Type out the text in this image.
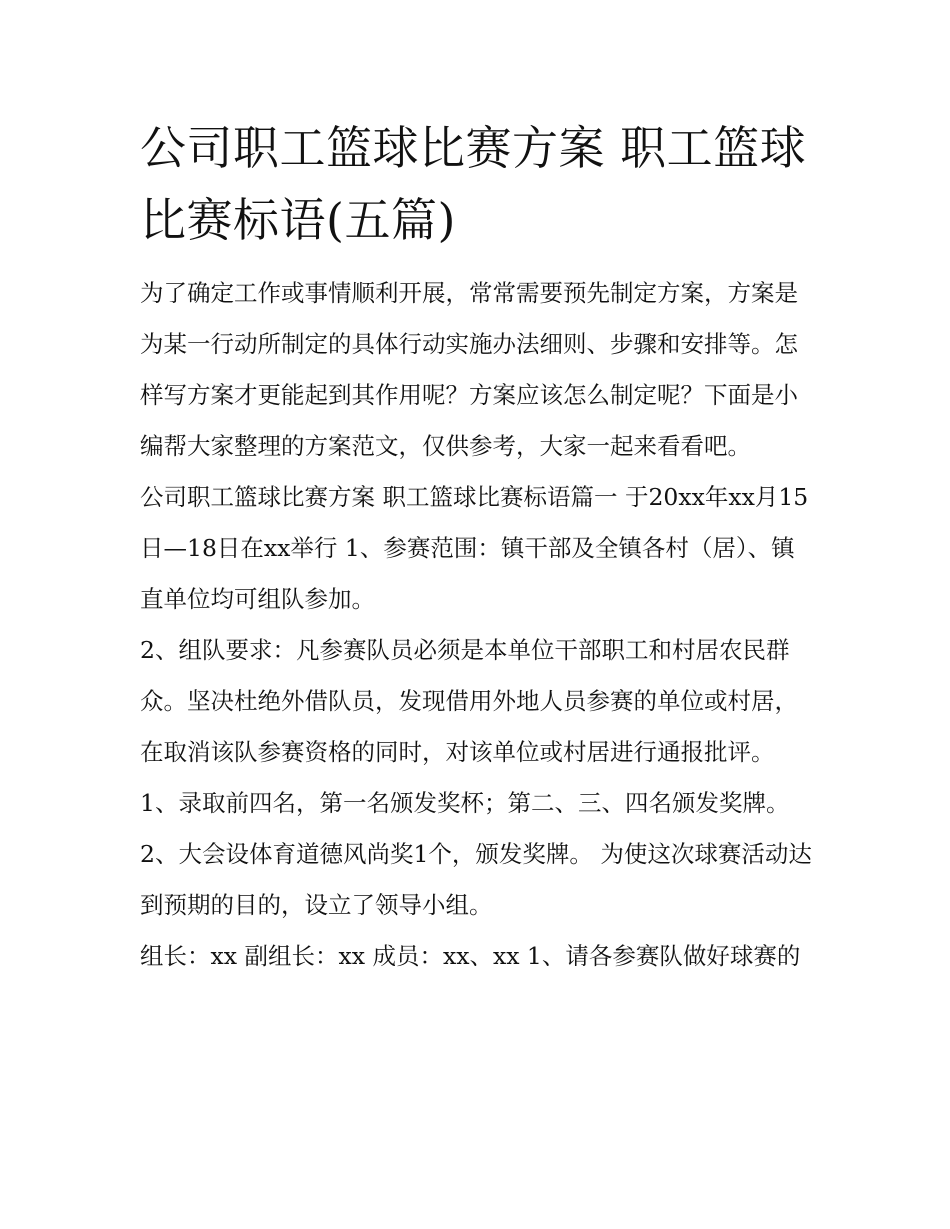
公司职工篮球比赛方案 职工篮球比赛标语(五篇)

为了确定工作或事情顺利开展，常常需要预先制定方案，方案是为某一行动所制定的具体行动实施办法细则、步骤和安排等。怎样写方案才更能起到其作用呢？方案应该怎么制定呢？下面是小编帮大家整理的方案范文，仅供参考，大家一起来看看吧。

公司职工篮球比赛方案 职工篮球比赛标语篇一 于20xx年xx月15日—18日在xx举行 1、参赛范围：镇干部及全镇各村（居）、镇直单位均可组队参加。

2、组队要求：凡参赛队员必须是本单位干部职工和村居农民群众。坚决杜绝外借队员，发现借用外地人员参赛的单位或村居，在取消该队参赛资格的同时，对该单位或村居进行通报批评。

1、录取前四名，第一名颁发奖杯；第二、三、四名颁发奖牌。 2、大会设体育道德风尚奖1个，颁发奖牌。 为使这次球赛活动达到预期的目的，设立了领导小组。

组长：xx 副组长：xx 成员：xx、xx 1、请各参赛队做好球赛的
